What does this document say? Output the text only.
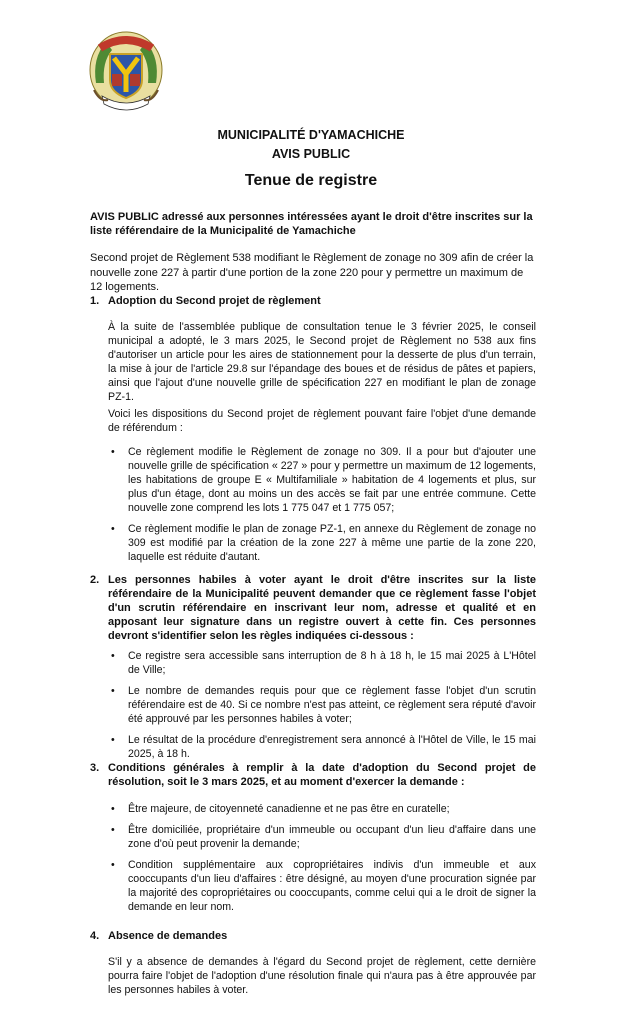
MUNICIPALITÉ D'YAMACHICHE
AVIS PUBLIC
Tenue de registre
AVIS PUBLIC adressé aux personnes intéressées ayant le droit d'être inscrites sur la liste référendaire de la Municipalité de Yamachiche
Second projet de Règlement 538 modifiant le Règlement de zonage no 309 afin de créer la nouvelle zone 227 à partir d'une portion de la zone 220 pour y permettre un maximum de 12 logements.
1. Adoption du Second projet de règlement
À la suite de l'assemblée publique de consultation tenue le 3 février 2025, le conseil municipal a adopté, le 3 mars 2025, le Second projet de Règlement no 538 aux fins d'autoriser un article pour les aires de stationnement pour la desserte de plus d'un terrain, la mise à jour de l'article 29.8 sur l'épandage des boues et de résidus de pâtes et papiers, ainsi que l'ajout d'une nouvelle grille de spécification 227 en modifiant le plan de zonage PZ-1.
Voici les dispositions du Second projet de règlement pouvant faire l'objet d'une demande de référendum :
• Ce règlement modifie le Règlement de zonage no 309. Il a pour but d'ajouter une nouvelle grille de spécification « 227 » pour y permettre un maximum de 12 logements, les habitations de groupe E « Multifamiliale » habitation de 4 logements et plus, sur plus d'un étage, dont au moins un des accès se fait par une entrée commune. Cette nouvelle zone comprend les lots 1 775 047 et 1 775 057;
• Ce règlement modifie le plan de zonage PZ-1, en annexe du Règlement de zonage no 309 est modifié par la création de la zone 227 à même une partie de la zone 220, laquelle est réduite d'autant.
2. Les personnes habiles à voter ayant le droit d'être inscrites sur la liste référendaire de la Municipalité peuvent demander que ce règlement fasse l'objet d'un scrutin référendaire en inscrivant leur nom, adresse et qualité et en apposant leur signature dans un registre ouvert à cette fin. Ces personnes devront s'identifier selon les règles indiquées ci-dessous :
• Ce registre sera accessible sans interruption de 8 h à 18 h, le 15 mai 2025 à L'Hôtel de Ville;
• Le nombre de demandes requis pour que ce règlement fasse l'objet d'un scrutin référendaire est de 40. Si ce nombre n'est pas atteint, ce règlement sera réputé d'avoir été approuvé par les personnes habiles à voter;
• Le résultat de la procédure d'enregistrement sera annoncé à l'Hôtel de Ville, le 15 mai 2025, à 18 h.
3. Conditions générales à remplir à la date d'adoption du Second projet de résolution, soit le 3 mars 2025, et au moment d'exercer la demande :
• Être majeure, de citoyenneté canadienne et ne pas être en curatelle;
• Être domiciliée, propriétaire d'un immeuble ou occupant d'un lieu d'affaire dans une zone d'où peut provenir la demande;
• Condition supplémentaire aux copropriétaires indivis d'un immeuble et aux cooccupants d'un lieu d'affaires : être désigné, au moyen d'une procuration signée par la majorité des copropriétaires ou cooccupants, comme celui qui a le droit de signer la demande en leur nom.
4. Absence de demandes
S'il y a absence de demandes à l'égard du Second projet de règlement, cette dernière pourra faire l'objet de l'adoption d'une résolution finale qui n'aura pas à être approuvée par les personnes habiles à voter.
